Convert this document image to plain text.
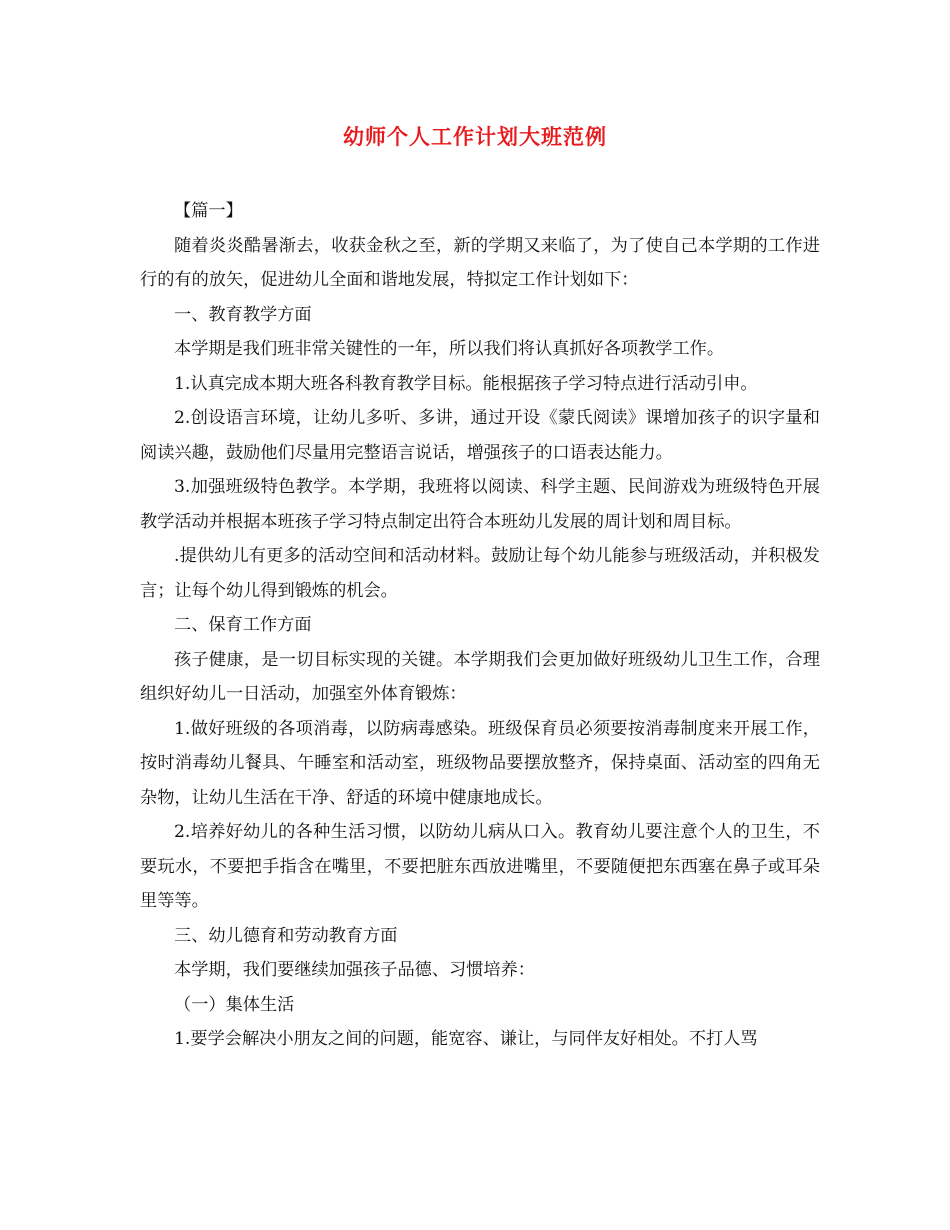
幼师个人工作计划大班范例

【篇一】

随着炎炎酷暑渐去，收获金秋之至，新的学期又来临了，为了使自己本学期的工作进行的有的放矢，促进幼儿全面和谐地发展，特拟定工作计划如下：

一、教育教学方面

本学期是我们班非常关键性的一年，所以我们将认真抓好各项教学工作。

1.认真完成本期大班各科教育教学目标。能根据孩子学习特点进行活动引申。

2.创设语言环境，让幼儿多听、多讲，通过开设《蒙氏阅读》课增加孩子的识字量和阅读兴趣，鼓励他们尽量用完整语言说话，增强孩子的口语表达能力。

3.加强班级特色教学。本学期，我班将以阅读、科学主题、民间游戏为班级特色开展教学活动并根据本班孩子学习特点制定出符合本班幼儿发展的周计划和周目标。

.提供幼儿有更多的活动空间和活动材料。鼓励让每个幼儿能参与班级活动，并积极发言；让每个幼儿得到锻炼的机会。

二、保育工作方面

孩子健康，是一切目标实现的关键。本学期我们会更加做好班级幼儿卫生工作，合理组织好幼儿一日活动，加强室外体育锻炼：

1.做好班级的各项消毒，以防病毒感染。班级保育员必须要按消毒制度来开展工作，按时消毒幼儿餐具、午睡室和活动室，班级物品要摆放整齐，保持桌面、活动室的四角无杂物，让幼儿生活在干净、舒适的环境中健康地成长。

2.培养好幼儿的各种生活习惯，以防幼儿病从口入。教育幼儿要注意个人的卫生，不要玩水，不要把手指含在嘴里，不要把脏东西放进嘴里，不要随便把东西塞在鼻子或耳朵里等等。

三、幼儿德育和劳动教育方面

本学期，我们要继续加强孩子品德、习惯培养：

（一）集体生活

1.要学会解决小朋友之间的问题，能宽容、谦让，与同伴友好相处。不打人骂
